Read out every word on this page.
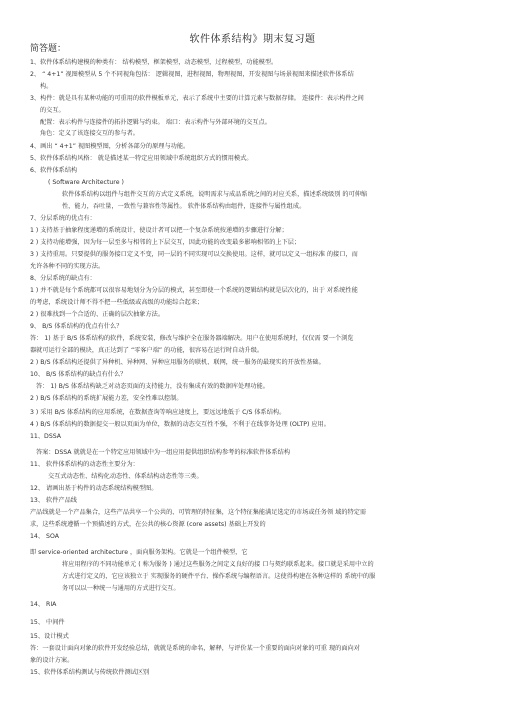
软件体系结构》期末复习题
简答题：
1、软件体系结构建模的种类有： 结构模型，框架模型，动态模型，过程模型，功能模型。
2、 “ 4+1” 视图模型从 5 个不同视角包括： 逻辑视图，进程视图，物理视图，开发视图与场景视图来描述软件体系结
构。
3、构件：就是具有某种功能的可重用的软件模板单元，表示了系统中主要的计算元素与数据存储。 连接件：表示构件之间
的交互。
配置：表示构件与连接件的拓扑逻辑与约束。 端口：表示构件与外部环境的交互点。
角色：定义了该连接交互的参与者。
4、画出 “ 4+1” 视图模型图，分析各部分的原理与功能。
5、软件体系结构风格： 就是描述某一特定应用领域中系统组织方式的惯用模式。
6、软件体系结构
( Software Architecture )
软件体系结构以组件与组件交互的方式定义系统，说明需求与成品系统之间的对应关系，描述系统级别 的可伸缩
性，能力，吞吐量，一致性与兼容性等属性。 软件体系结构由组件，连接件与属性组成。
7、分层系统的优点有：
1 ) 支持基于抽象程度递增的系统设计，使设计者可以把一个复杂系统按递增的步骤进行分解；
2 ) 支持功能增强，因为每一层至多与相邻的上下层交互，因此功能的改变最多影响相邻的上下层；
3 ) 支持重用。只要提供的服务接口定义不变，同一层的不同实现可以交换使用。这样，就可以定义一组标准 的接口，而
允许各种不同的实现方法。
8、分层系统的缺点有：
1 ) 并不就是每个系统都可以很容易地划分为分层的模式，甚至即使一个系统的逻辑结构就是层次化的，出于 对系统性能
的考虑，系统设计师不得不把一些低级或高级的功能综合起来；
2 ) 很难找到一个合适的、正确的层次抽象方法。
9、 B/S 体系结构的优点有什么？
答： 1) 基于 B/S 体系结构的软件，系统安装，修改与维护全在服务器端解决。用户在使用系统时，仅仅需 要一个浏览
器就可运行全部的模块，真正达到了 “零客户端” 的功能，很容易在运行时自动升级。
2 ) B/S 体系结构还提供了异种机、异种网、异种应用服务的联机、联网，统一服务的最现实的开放性基础。
10、 B/S 体系结构的缺点有什么？
答： 1) B/S 体系结构缺乏对动态页面的支持能力，没有集成有效的数据库处理功能。
2 ) B/S 体系结构的系统扩展能力差，安全性难以控制。
3 ) 采用 B/S 体系结构的应用系统，在数据查询等响应速度上，要远远地低于 C/S 体系结构。
4 ) B/S 体系结构的数据提交一般以页面为单位，数据的动态交互性不强，不利于在线事务处理 (OLTP) 应用。
11、DSSA
答案：DSSA 就就是在一个特定应用领域中为一组应用提供组织结构参考的标准软件体系结构
11、 软件体系结构的动态性主要分为：
交互式动态性、结构化动态性、体系结构动态性等三类。
12、 请画出基于构件的动态系统结构模型图。
13、 软件产品线
产品线就是一个产品集合，这些产品共享一个公共的、可管理的特征集，这个特征集能满足选定的市场或任务领 域的特定需
求，这些系统遵循一个预描述的方式，在公共的核心资源 (core assets) 基础上开发的
14、 SOA
即 service-oriented architecture ，面向服务架构。它就是一个组件模型，它
将应用程序的不同功能单元 ( 称为服务 ) 通过这些服务之间定义良好的接 口与契约联系起来。接口就是采用中立的
方式进行定义的，它应该独立于 实现服务的硬件平台、操作系统与编程语言。这使得构建在各种这样的 系统中的服
务可以以一种统一与通用的方式进行交互。
14、 RIA
15、 中间件
15、设计模式
答：一套设计面向对象的软件开发经验总结，就就是系统的命名，解释，与评价某一个重要的面向对象的可重 现的面向对
象的设计方案。
15、软件体系结构测试与传统软件测试区别
